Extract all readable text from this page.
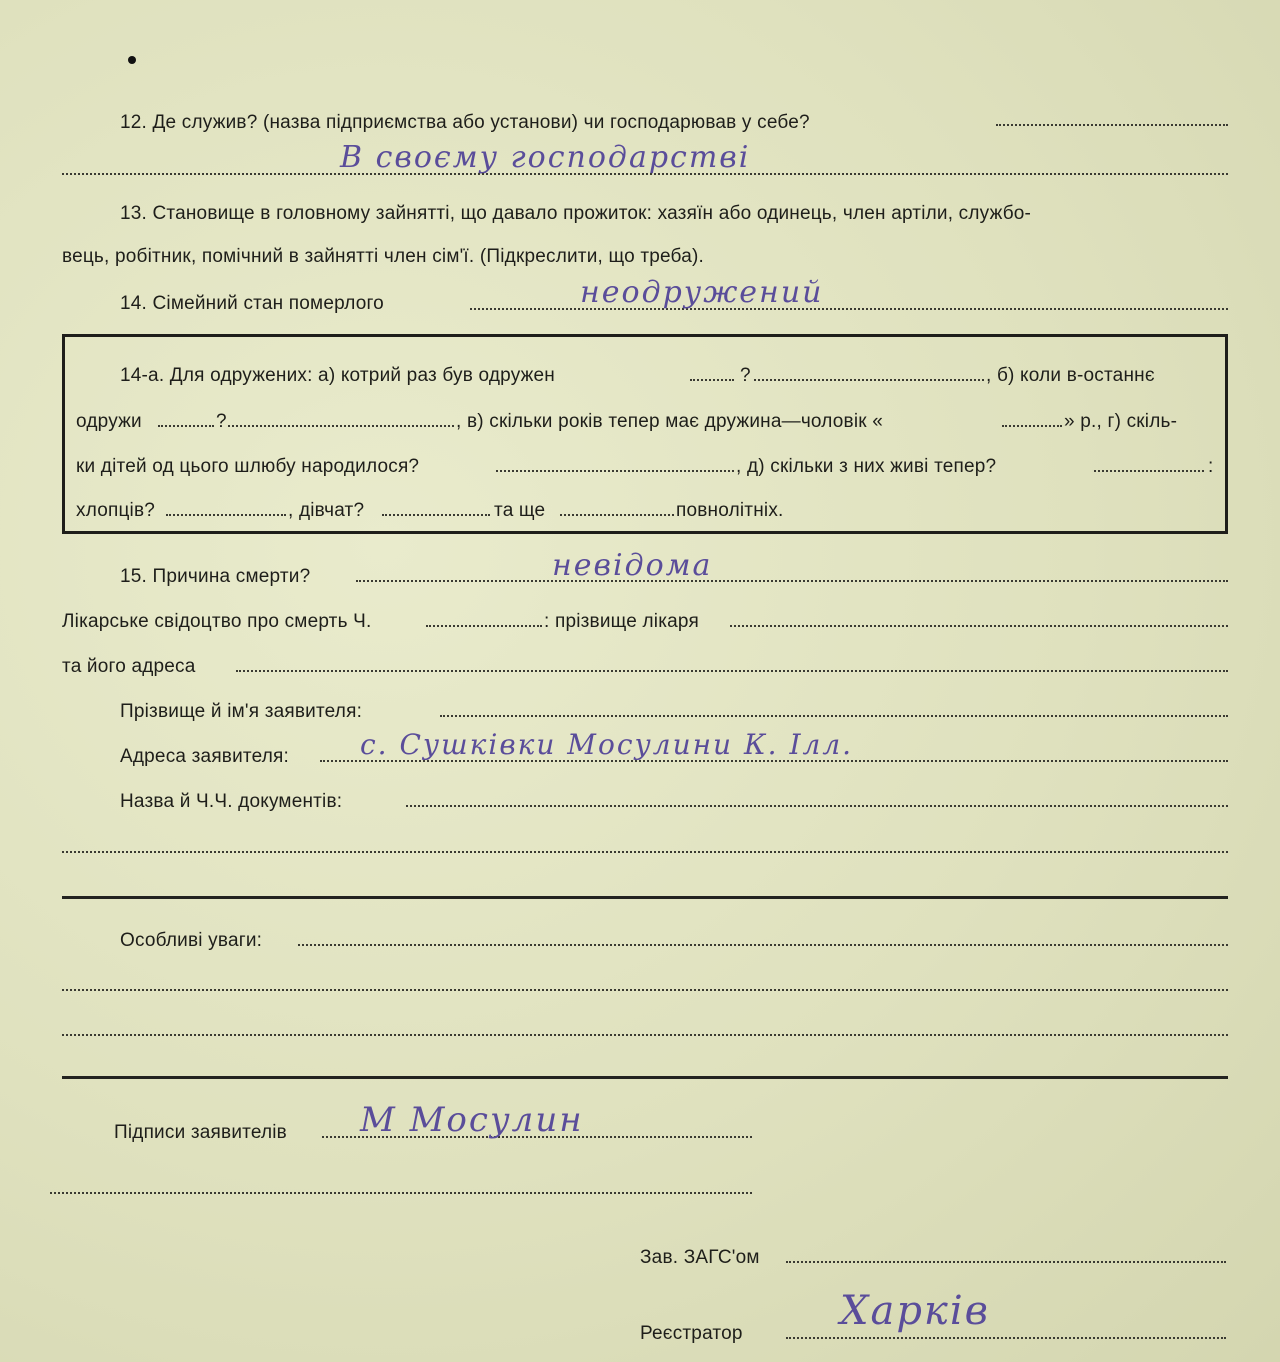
12. Де служив? (назва підприємства або установи) чи господарював у себе?
В своєму господарстві
13. Становище в головному зайнятті, що давало прожиток: хазяїн або одинець, член артіли, службо-
вець, робітник, помічний в зайнятті член сім'ї. (Підкреслити, що треба).
14. Сімейний стан померлого	неодружений
14-а. Для одружених: а) котрий раз був одружен	?	, б) коли в-останнє
одружи	?	, в) скільки років тепер має дружина—чоловік «	» р., г) скіль-
ки дітей од цього шлюбу народилося?	, д) скільки з них живі тепер?	:
хлопців?	, дівчат?	та ще	повнолітніх.
15. Причина смерти?	невідома
Лікарське свідоцтво про смерть Ч.	: прізвище лікаря
та його адреса
Прізвище й ім'я заявителя:
Адреса заявителя:	с. Сушківки Мосулини К. Ілл.
Назва й Ч.Ч. документів:
Особливі уваги:
Підписи заявителів М Мосулин
Зав. ЗАГС'ом
Реєстратор Харків
